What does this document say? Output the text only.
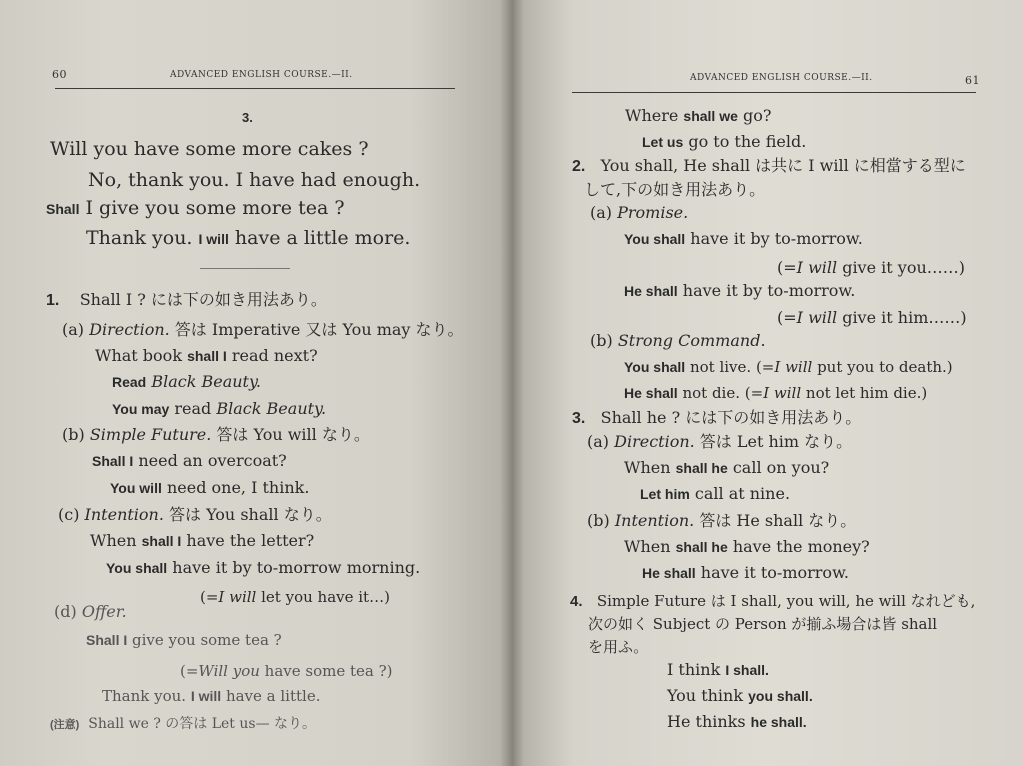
60	ADVANCED ENGLISH COURSE.—II.
3.
Will you have some more cakes ?
No, thank you. I have had enough.
Shall I give you some more tea ?
Thank you. I will have a little more.
1. Shall I ? には下の如き用法あり。
(a) Direction. 答は Imperative 又は You may なり。
What book shall I read next?
Read Black Beauty.
You may read Black Beauty.
(b) Simple Future. 答は You will なり。
Shall I need an overcoat?
You will need one, I think.
(c) Intention. 答は You shall なり。
When shall I have the letter?
You shall have it by to-morrow morning.
(=I will let you have it…)
(d) Offer.
Shall I give you some tea ?
(=Will you have some tea ?)
Thank you. I will have a little.
(注意) Shall we ? の答は Let us— なり。
ADVANCED ENGLISH COURSE.—II.	61
Where shall we go?
Let us go to the field.
2. You shall, He shall は共に I will に相當する型に
して,下の如き用法あり。
(a) Promise.
You shall have it by to-morrow.
(=I will give it you……)
He shall have it by to-morrow.
(=I will give it him……)
(b) Strong Command.
You shall not live. (=I will put you to death.)
He shall not die. (=I will not let him die.)
3. Shall he ? には下の如き用法あり。
(a) Direction. 答は Let him なり。
When shall he call on you?
Let him call at nine.
(b) Intention. 答は He shall なり。
When shall he have the money?
He shall have it to-morrow.
4. Simple Future は I shall, you will, he will なれども,
次の如く Subject の Person が揃ふ場合は皆 shall
を用ふ。
I think I shall.
You think you shall.
He thinks he shall.
